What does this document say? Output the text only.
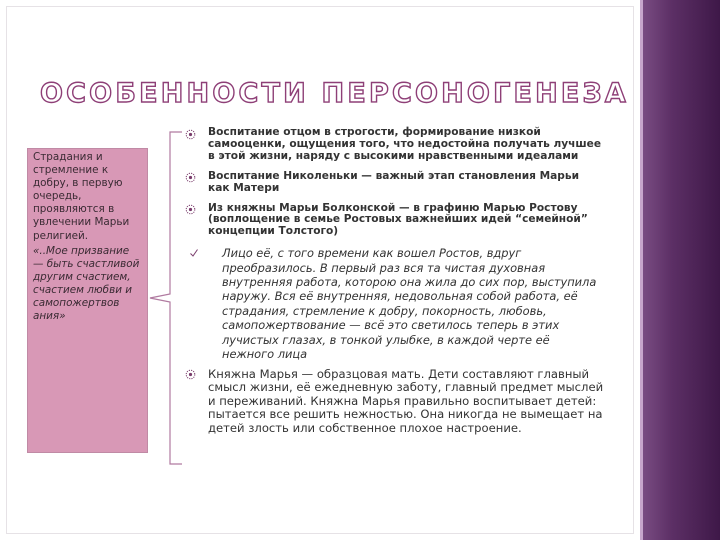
ОСОБЕННОСТИ ПЕРСОНОГЕНЕЗА
Страдания и стремление к добру, в первую очередь, проявляются в увлечении Марьи религией.
«..Мое призвание — быть счастливой другим счастием, счастием любви и самопожертвов ания»
Воспитание отцом в строгости, формирование низкой самооценки, ощущения того, что недостойна получать лучшее в этой жизни, наряду с высокими нравственными идеалами
Воспитание Николеньки — важный этап становления Марьи как Матери
Из княжны Марьи Болконской — в графиню Марью Ростову (воплощение в семье Ростовых важнейших идей “семейной” концепции Толстого)
Лицо её, с того времени как вошел Ростов, вдруг преобразилось. В первый раз вся та чистая духовная внутренняя работа, которою она жила до сих пор, выступила наружу. Вся её внутренняя, недовольная собой работа, её страдания, стремление к добру, покорность, любовь, самопожертвование — всё это светилось теперь в этих лучистых глазах, в тонкой улыбке, в каждой черте её нежного лица
Княжна Марья — образцовая мать. Дети составляют главный смысл жизни, её ежедневную заботу, главный предмет мыслей и переживаний. Княжна Марья правильно воспитывает детей: пытается все решить нежностью. Она никогда не вымещает на детей злость или собственное плохое настроение.
